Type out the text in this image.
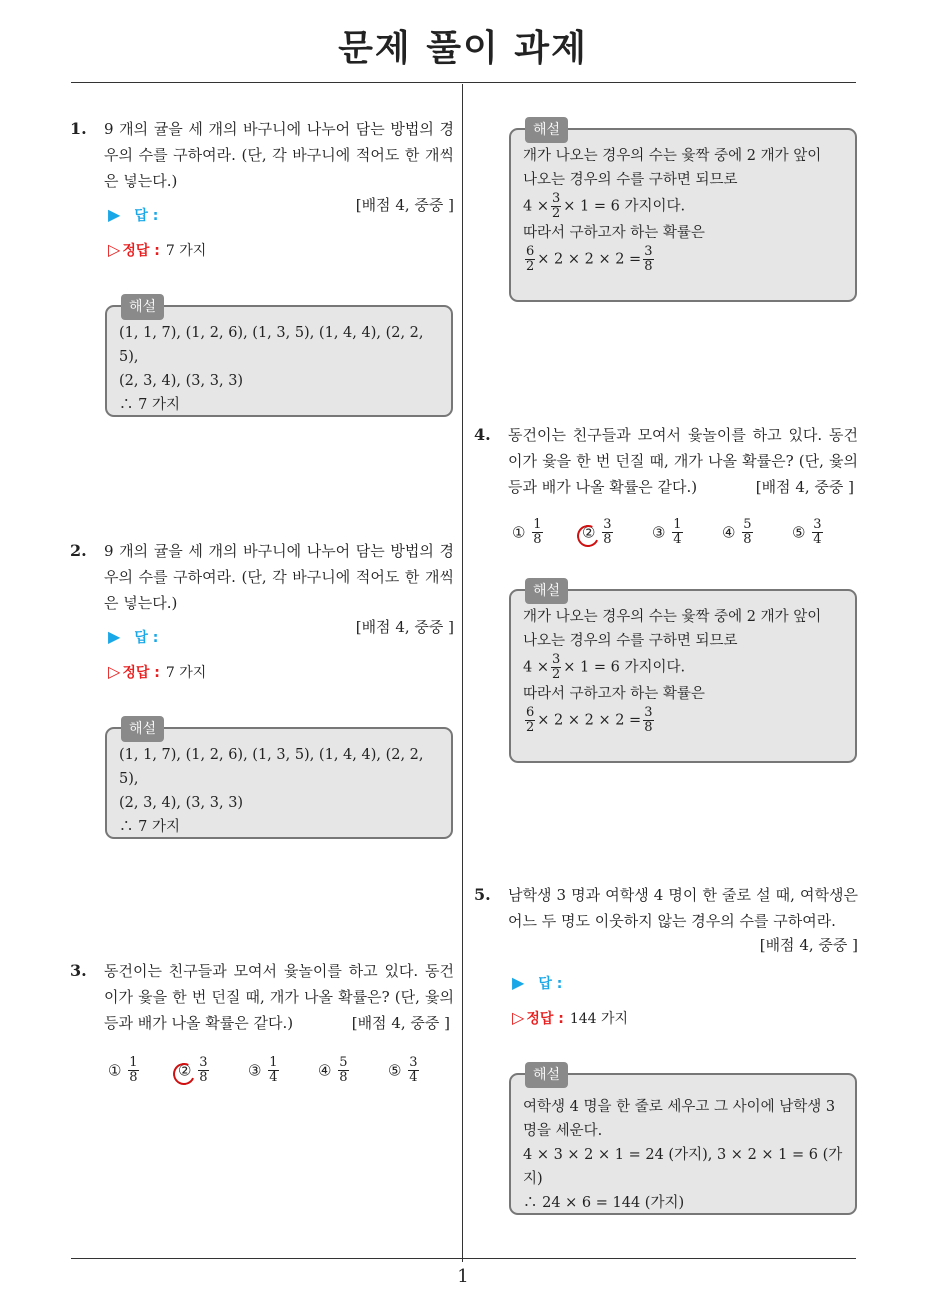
문제 풀이 과제
1
1. 9 개의 귤을 세 개의 바구니에 나누어 담는 방법의 경우의 수를 구하여라. (단, 각 바구니에 적어도 한 개씩은 넣는다.)
[배점 4, 중중 ]
▶ 답 :
▷ 정답 : 7 가지
해설
(1, 1, 7), (1, 2, 6), (1, 3, 5), (1, 4, 4), (2, 2, 5),
(2, 3, 4), (3, 3, 3)
∴ 7 가지
2. 9 개의 귤을 세 개의 바구니에 나누어 담는 방법의 경우의 수를 구하여라. (단, 각 바구니에 적어도 한 개씩은 넣는다.)
[배점 4, 중중 ]
▶ 답 :
▷ 정답 : 7 가지
해설
(1, 1, 7), (1, 2, 6), (1, 3, 5), (1, 4, 4), (2, 2, 5),
(2, 3, 4), (3, 3, 3)
∴ 7 가지
3. 동건이는 친구들과 모여서 윷놀이를 하고 있다. 동건이가 윷을 한 번 던질 때, 개가 나올 확률은? (단, 윷의 등과 배가 나올 확률은 같다.)	[배점 4, 중중 ]
① $\frac{1}{8}$	② $\frac{3}{8}$	③ $\frac{1}{4}$	④ $\frac{5}{8}$	⑤ $\frac{3}{4}$
해설
개가 나오는 경우의 수는 윷짝 중에 2 개가 앞이
나오는 경우의 수를 구하면 되므로
$4 \times \frac{3}{2} \times 1 = 6$ 가지이다.
따라서 구하고자 하는 확률은
$\frac{6}{2} \times 2 \times 2 \times 2 = \frac{3}{8}$
4. 동건이는 친구들과 모여서 윷놀이를 하고 있다. 동건이가 윷을 한 번 던질 때, 개가 나올 확률은? (단, 윷의 등과 배가 나올 확률은 같다.)	[배점 4, 중중 ]
① $\frac{1}{8}$	② $\frac{3}{8}$	③ $\frac{1}{4}$	④ $\frac{5}{8}$	⑤ $\frac{3}{4}$
해설
개가 나오는 경우의 수는 윷짝 중에 2 개가 앞이
나오는 경우의 수를 구하면 되므로
$4 \times \frac{3}{2} \times 1 = 6$ 가지이다.
따라서 구하고자 하는 확률은
$\frac{6}{2} \times 2 \times 2 \times 2 = \frac{3}{8}$
5. 남학생 3 명과 여학생 4 명이 한 줄로 설 때, 여학생은 어느 두 명도 이웃하지 않는 경우의 수를 구하여라.
[배점 4, 중중 ]
▶ 답 :
▷ 정답 : 144 가지
해설
여학생 4 명을 한 줄로 세우고 그 사이에 남학생 3
명을 세운다.
4 × 3 × 2 × 1 = 24 (가지), 3 × 2 × 1 = 6 (가지)
∴ 24 × 6 = 144 (가지)
